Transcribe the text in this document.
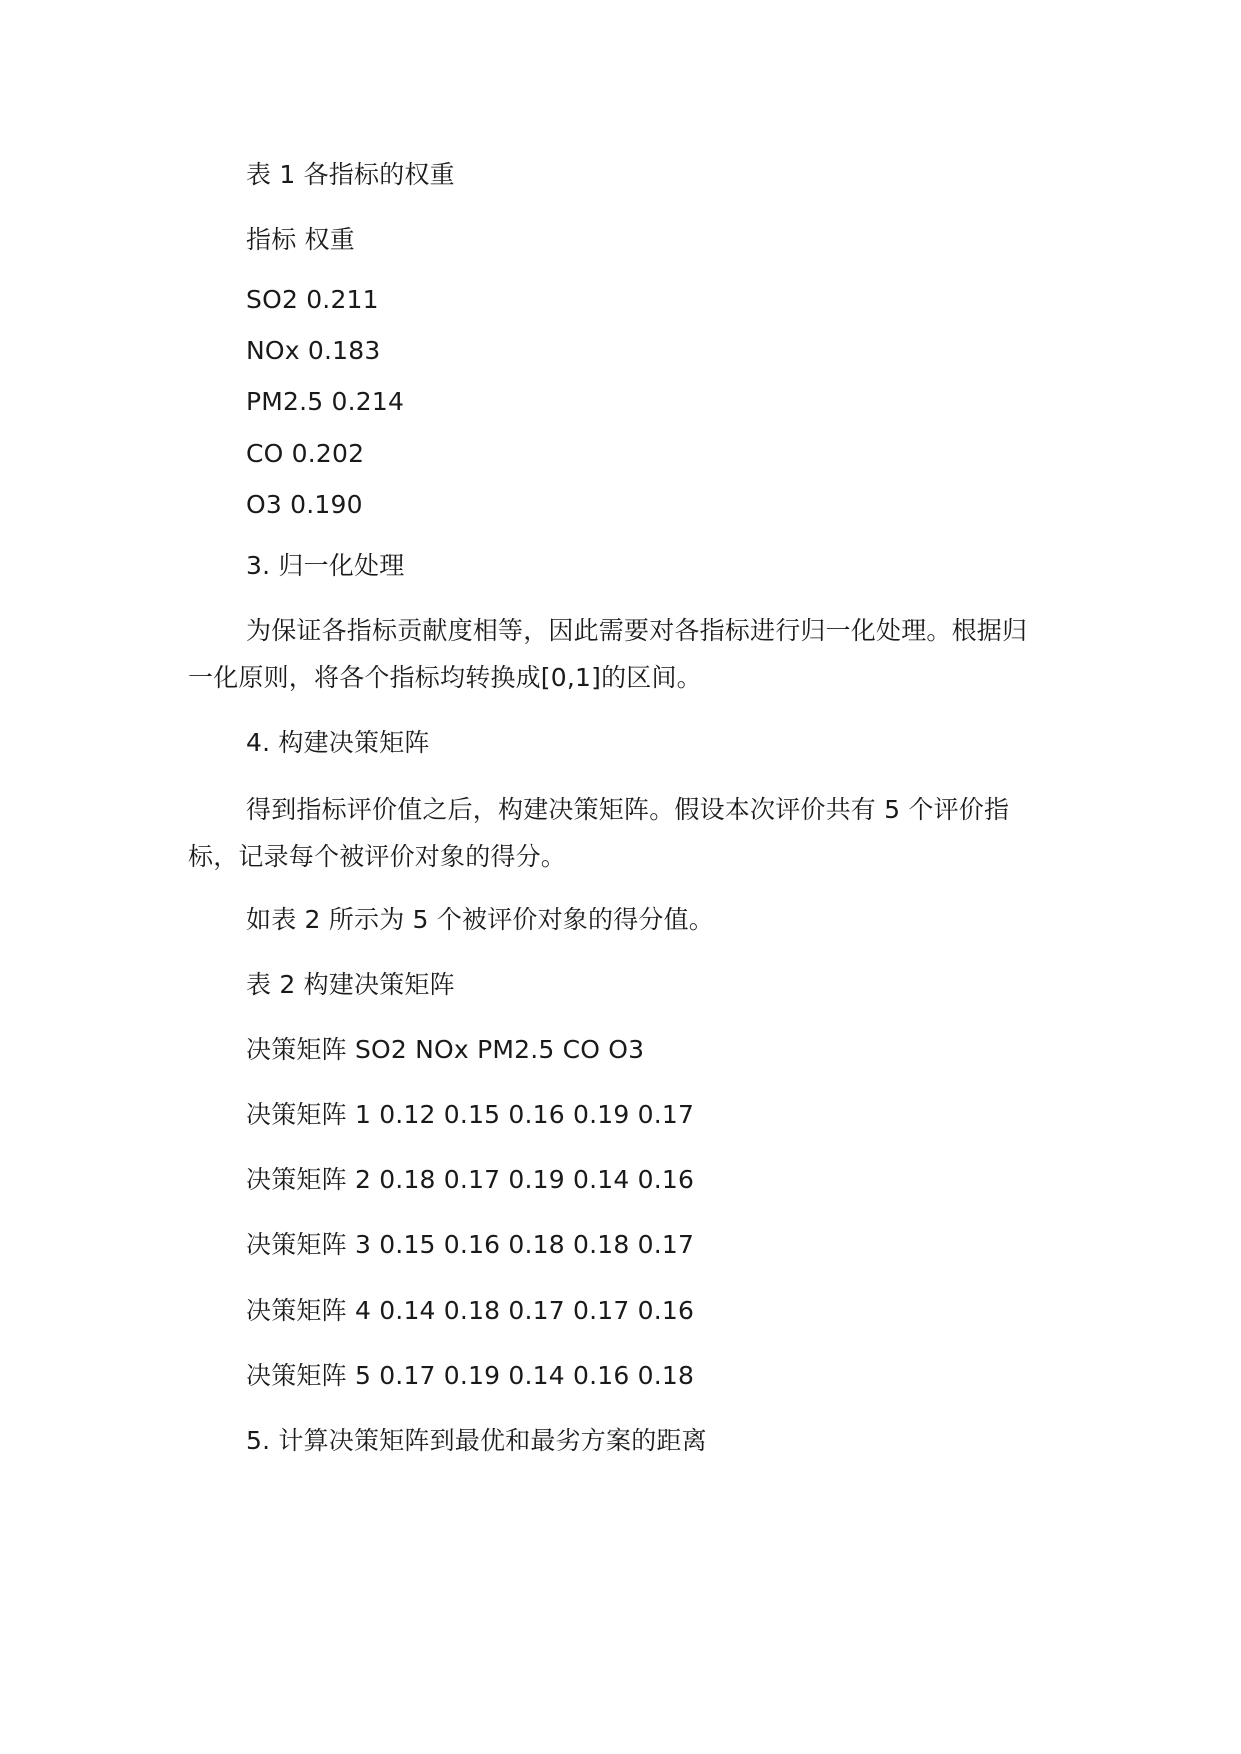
表 1 各指标的权重
指标 权重
SO2 0.211
NOx 0.183
PM2.5 0.214
CO 0.202
O3 0.190
3. 归一化处理
为保证各指标贡献度相等，因此需要对各指标进行归一化处理。根据归一化原则，将各个指标均转换成[0,1]的区间。
4. 构建决策矩阵
得到指标评价值之后，构建决策矩阵。假设本次评价共有 5 个评价指标，记录每个被评价对象的得分。
如表 2 所示为 5 个被评价对象的得分值。
表 2 构建决策矩阵
决策矩阵 SO2 NOx PM2.5 CO O3
决策矩阵 1 0.12 0.15 0.16 0.19 0.17
决策矩阵 2 0.18 0.17 0.19 0.14 0.16
决策矩阵 3 0.15 0.16 0.18 0.18 0.17
决策矩阵 4 0.14 0.18 0.17 0.17 0.16
决策矩阵 5 0.17 0.19 0.14 0.16 0.18
5. 计算决策矩阵到最优和最劣方案的距离
